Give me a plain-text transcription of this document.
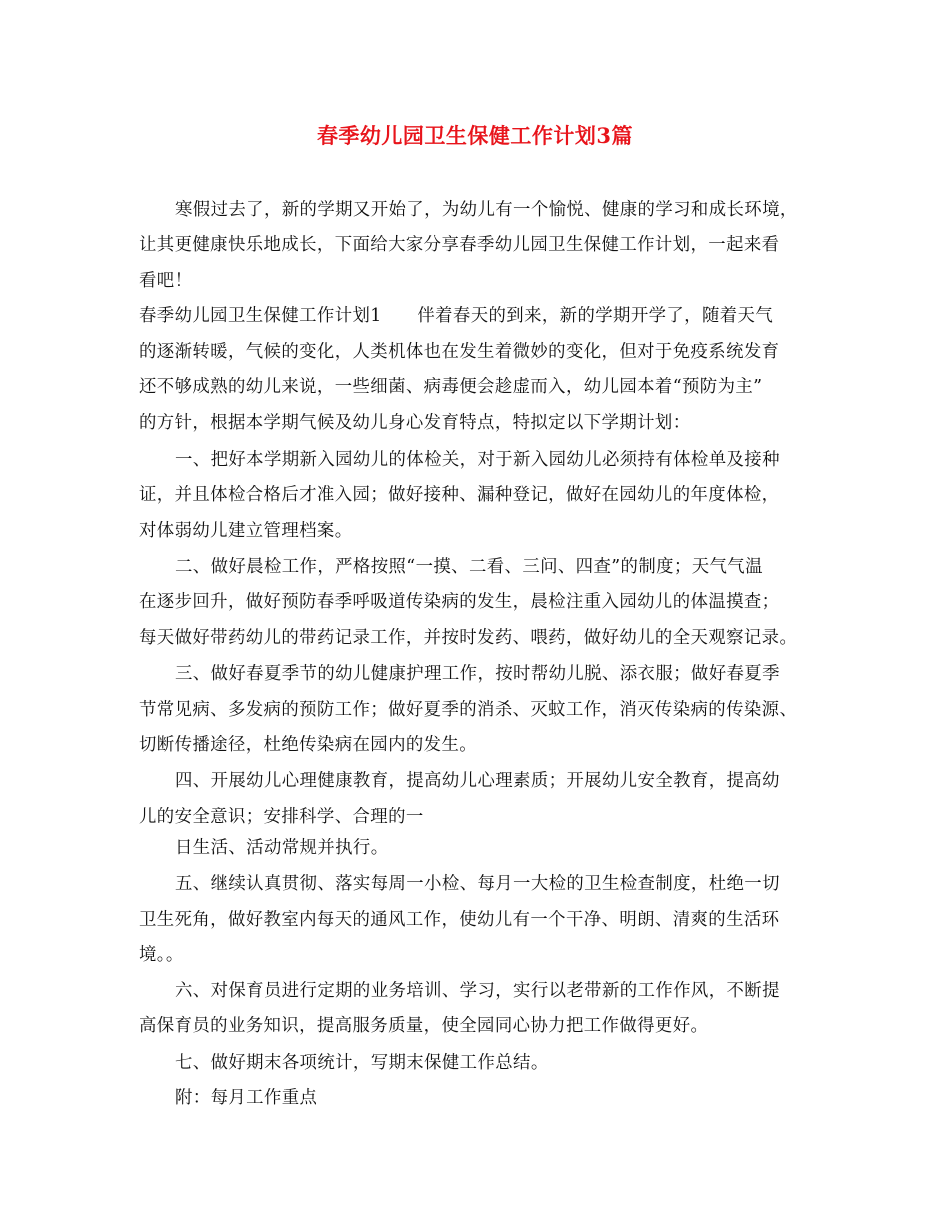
春季幼儿园卫生保健工作计划3篇
寒假过去了，新的学期又开始了，为幼儿有一个愉悦、健康的学习和成长环境，
让其更健康快乐地成长，下面给大家分享春季幼儿园卫生保健工作计划，一起来看
看吧！
春季幼儿园卫生保健工作计划1　　伴着春天的到来，新的学期开学了，随着天气
的逐渐转暖，气候的变化，人类机体也在发生着微妙的变化，但对于免疫系统发育
还不够成熟的幼儿来说，一些细菌、病毒便会趁虚而入，幼儿园本着“预防为主”
的方针，根据本学期气候及幼儿身心发育特点，特拟定以下学期计划：
一、把好本学期新入园幼儿的体检关，对于新入园幼儿必须持有体检单及接种
证，并且体检合格后才准入园；做好接种、漏种登记，做好在园幼儿的年度体检，
对体弱幼儿建立管理档案。
二、做好晨检工作，严格按照“一摸、二看、三问、四查”的制度；天气气温
在逐步回升，做好预防春季呼吸道传染病的发生，晨检注重入园幼儿的体温摸查；
每天做好带药幼儿的带药记录工作，并按时发药、喂药，做好幼儿的全天观察记录。
三、做好春夏季节的幼儿健康护理工作，按时帮幼儿脱、添衣服；做好春夏季
节常见病、多发病的预防工作；做好夏季的消杀、灭蚊工作，消灭传染病的传染源、
切断传播途径，杜绝传染病在园内的发生。
四、开展幼儿心理健康教育，提高幼儿心理素质；开展幼儿安全教育，提高幼
儿的安全意识；安排科学、合理的一
日生活、活动常规并执行。
五、继续认真贯彻、落实每周一小检、每月一大检的卫生检查制度，杜绝一切
卫生死角，做好教室内每天的通风工作，使幼儿有一个干净、明朗、清爽的生活环
境。。
六、对保育员进行定期的业务培训、学习，实行以老带新的工作作风，不断提
高保育员的业务知识，提高服务质量，使全园同心协力把工作做得更好。
七、做好期末各项统计，写期末保健工作总结。
附：每月工作重点
